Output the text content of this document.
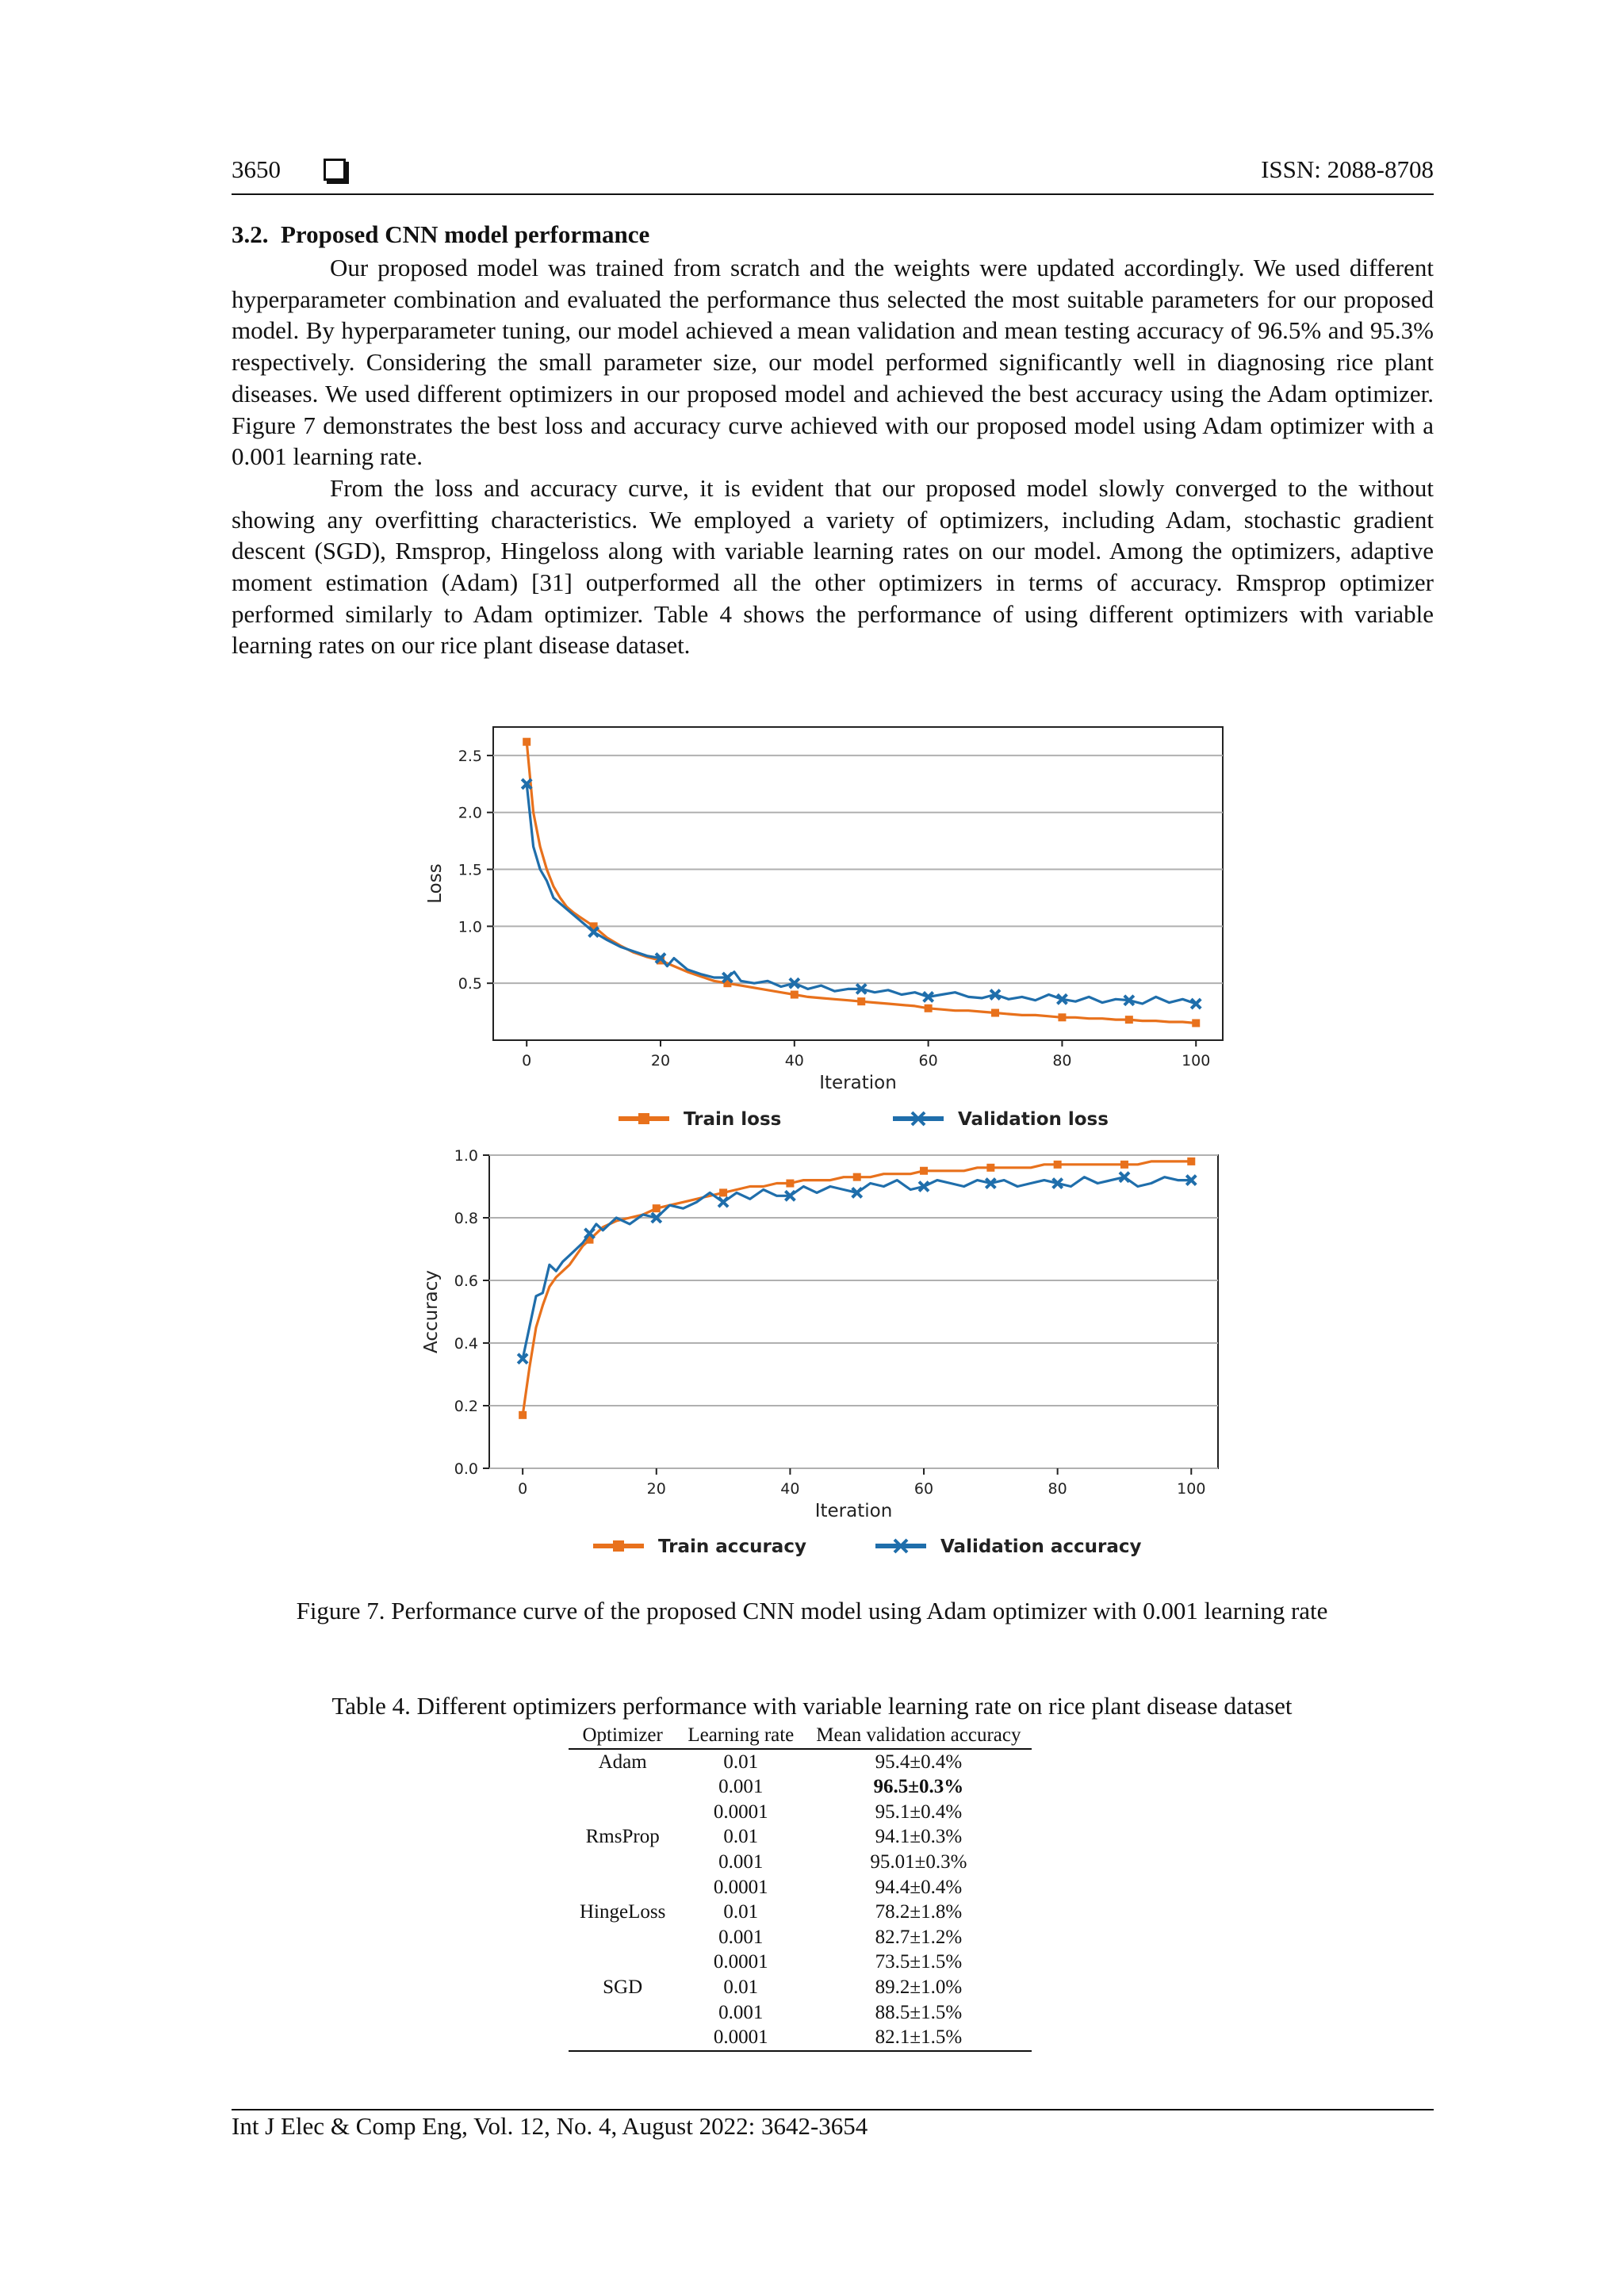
3650	ISSN: 2088-8708
3.2.  Proposed CNN model performance

Our proposed model was trained from scratch and the weights were updated accordingly. We used different hyperparameter combination and evaluated the performance thus selected the most suitable parameters for our proposed model. By hyperparameter tuning, our model achieved a mean validation and mean testing accuracy of 96.5% and 95.3% respectively. Considering the small parameter size, our model performed significantly well in diagnosing rice plant diseases. We used different optimizers in our proposed model and achieved the best accuracy using the Adam optimizer. Figure 7 demonstrates the best loss and accuracy curve achieved with our proposed model using Adam optimizer with a 0.001 learning rate.

From the loss and accuracy curve, it is evident that our proposed model slowly converged to the without showing any overfitting characteristics. We employed a variety of optimizers, including Adam, stochastic gradient descent (SGD), Rmsprop, Hingeloss along with variable learning rates on our model. Among the optimizers, adaptive moment estimation (Adam) [31] outperformed all the other optimizers in terms of accuracy. Rmsprop optimizer performed similarly to Adam optimizer. Table 4 shows the performance of using different optimizers with variable learning rates on our rice plant disease dataset.

0.5
1.0
1.5
2.0
2.5
0	20	40	60	80	100
Iteration
Loss
Train loss	Validation loss
0.0
0.2
0.4
0.6
0.8
1.0
0	20	40	60	80	100
Iteration
Accuracy
Train accuracy	Validation accuracy
Figure 7. Performance curve of the proposed CNN model using Adam optimizer with 0.001 learning rate
Table 4. Different optimizers performance with variable learning rate on rice plant disease dataset
Optimizer	Learning rate	Mean validation accuracy
Adam	0.01	95.4±0.4%
	0.001	96.5±0.3%
	0.0001	95.1±0.4%
RmsProp	0.01	94.1±0.3%
	0.001	95.01±0.3%
	0.0001	94.4±0.4%
HingeLoss	0.01	78.2±1.8%
	0.001	82.7±1.2%
	0.0001	73.5±1.5%
SGD	0.01	89.2±1.0%
	0.001	88.5±1.5%
	0.0001	82.1±1.5%
Int J Elec & Comp Eng, Vol. 12, No. 4, August 2022: 3642-3654
